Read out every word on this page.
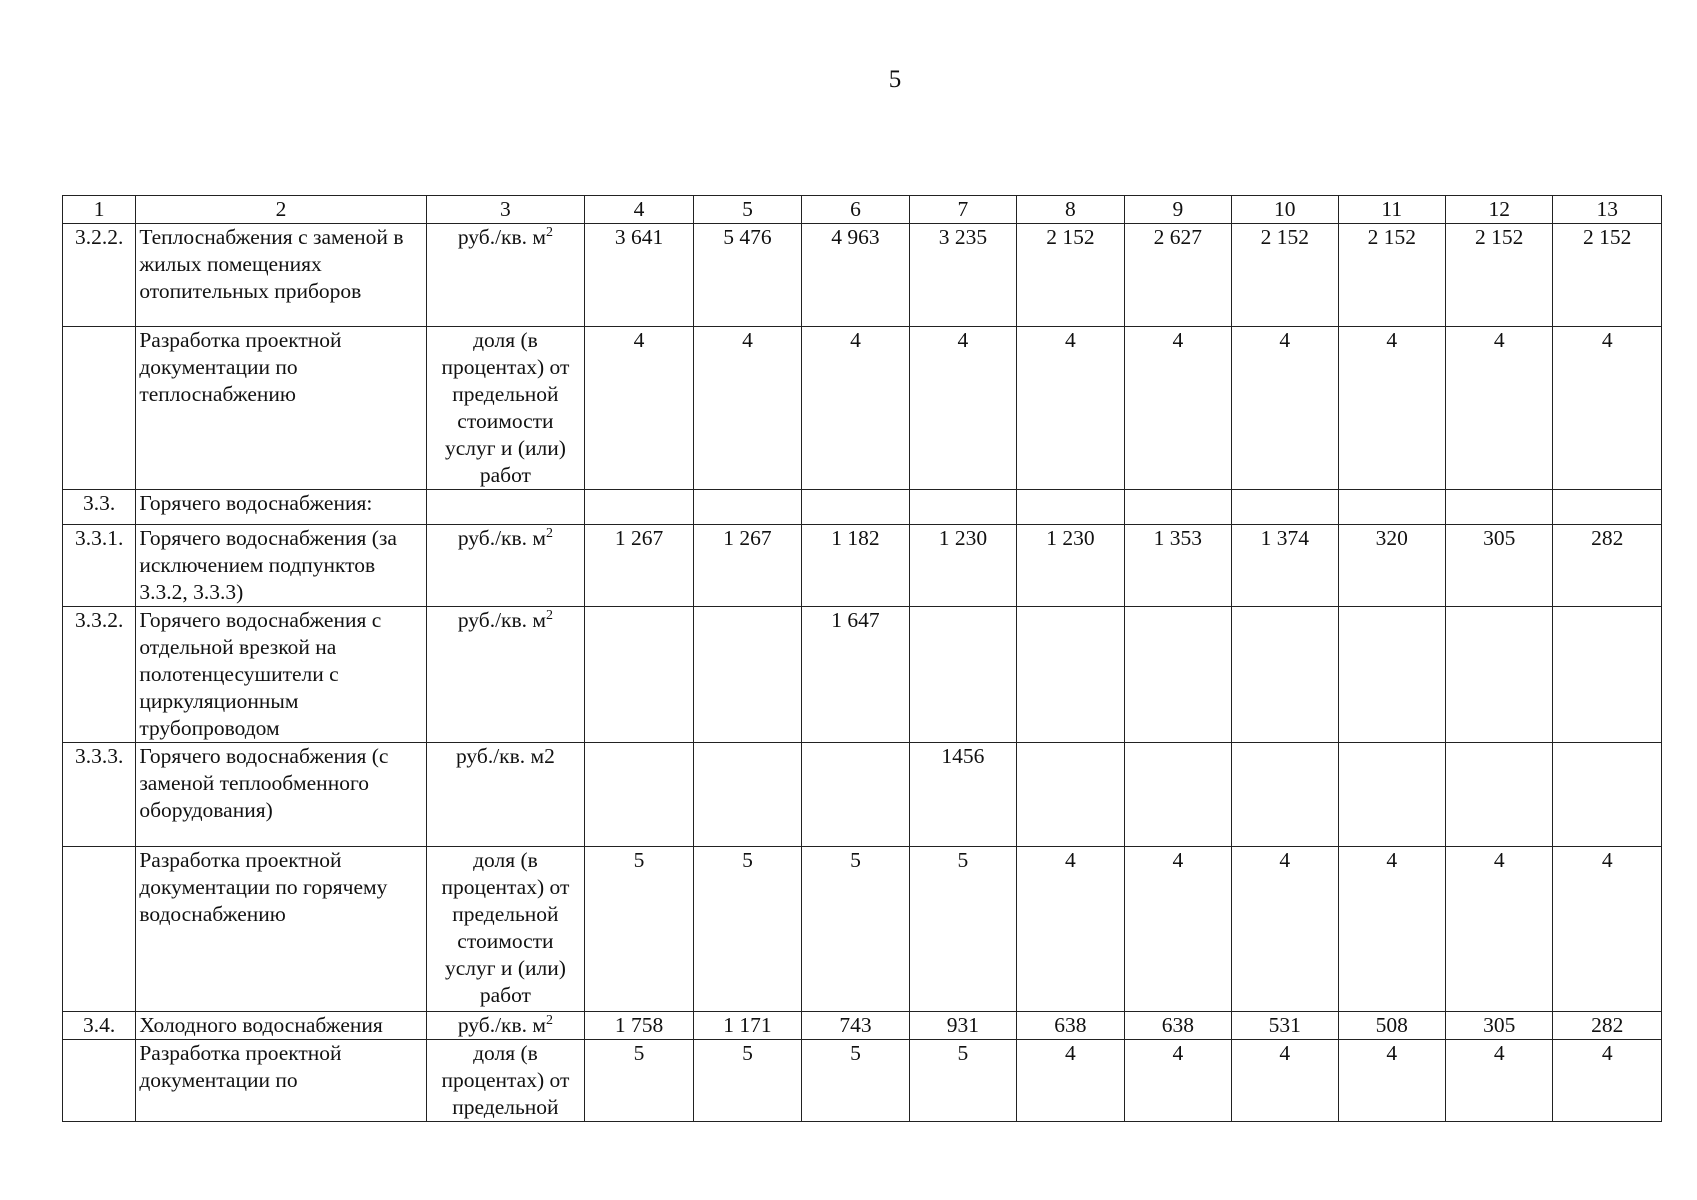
5
1	2	3	4	5	6	7	8	9	10	11	12	13
3.2.2.	Теплоснабжения с заменой в жилых помещениях отопительных приборов	руб./кв. $м^2$	3 641	5 476	4 963	3 235	2 152	2 627	2 152	2 152	2 152	2 152
	Разработка проектной документации по теплоснабжению	доля (в процентах) от предельной стоимости услуг и (или) работ	4	4	4	4	4	4	4	4	4	4
3.3.	Горячего водоснабжения:											
3.3.1.	Горячего водоснабжения (за исключением подпунктов 3.3.2, 3.3.3)	руб./кв. $м^2$	1 267	1 267	1 182	1 230	1 230	1 353	1 374	320	305	282
3.3.2.	Горячего водоснабжения с отдельной врезкой на полотенцесушители с циркуляционным трубопроводом	руб./кв. $м^2$			1 647							
3.3.3.	Горячего водоснабжения (с заменой теплообменного оборудования)	руб./кв. м2				1456						
	Разработка проектной документации по горячему водоснабжению	доля (в процентах) от предельной стоимости услуг и (или) работ	5	5	5	5	4	4	4	4	4	4
3.4.	Холодного водоснабжения	руб./кв. $м^2$	1 758	1 171	743	931	638	638	531	508	305	282
	Разработка проектной документации по	доля (в процентах) от предельной	5	5	5	5	4	4	4	4	4	4
